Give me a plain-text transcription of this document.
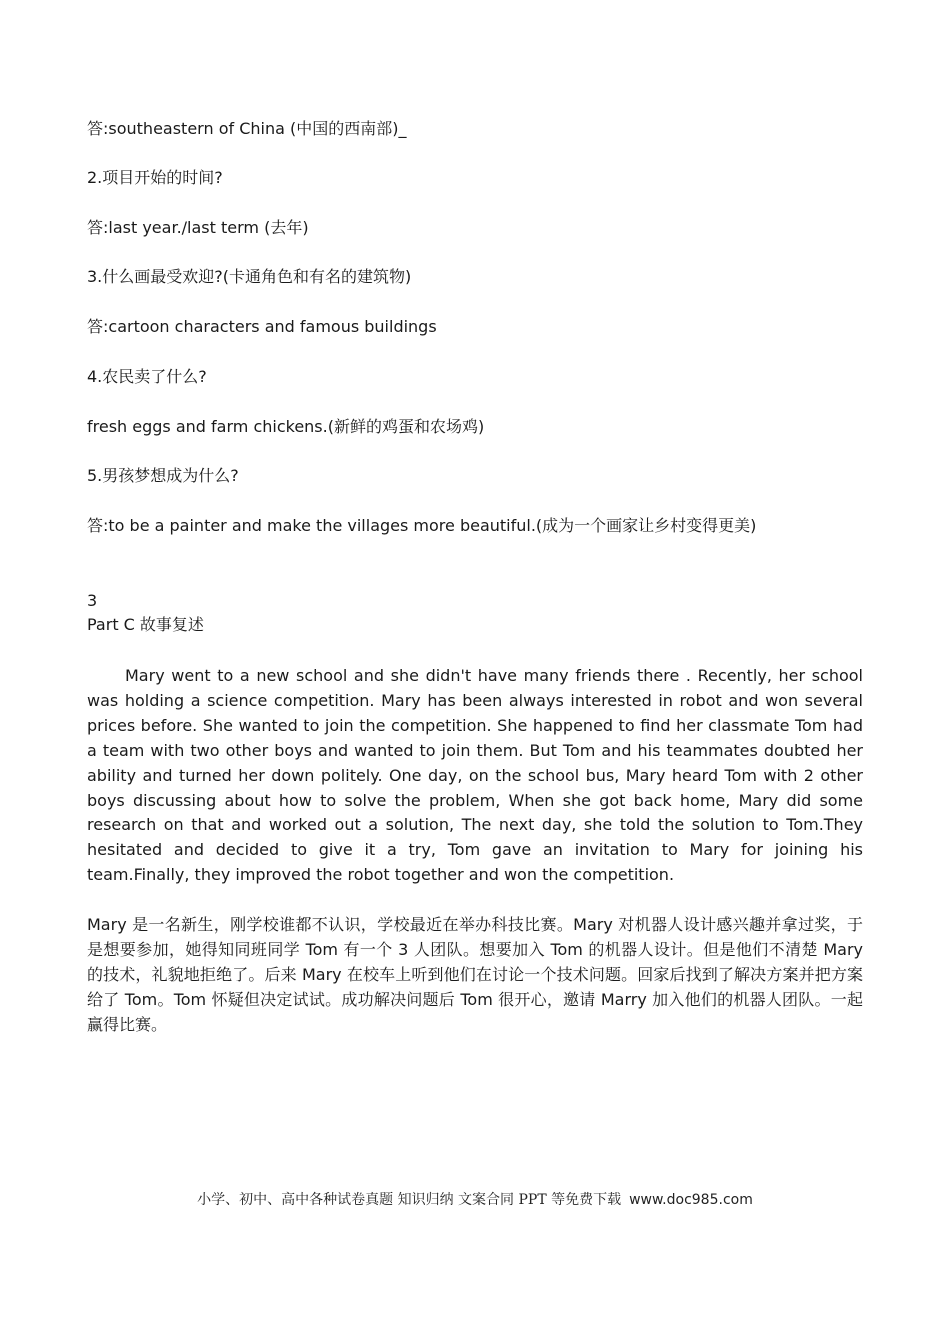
答:southeastern of China (中国的西南部)_
2.项目开始的时间?
答:last year./last term (去年)
3.什么画最受欢迎?(卡通角色和有名的建筑物)
答:cartoon characters and famous buildings
4.农民卖了什么?
fresh eggs and farm chickens.(新鲜的鸡蛋和农场鸡)
5.男孩梦想成为什么?
答:to be a painter and make the villages more beautiful.(成为一个画家让乡村变得更美)
3
Part C 故事复述
Mary went to a new school and she didn't have many friends there . Recently, her school was holding a science competition. Mary has been always interested in robot and won several prices before. She wanted to join the competition. She happened to find her classmate Tom had a team with two other boys and wanted to join them. But Tom and his teammates doubted her ability and turned her down politely. One day, on the school bus, Mary heard Tom with 2 other boys discussing about how to solve the problem, When she got back home, Mary did some research on that and worked out a solution, The next day, she told the solution to Tom.They hesitated and decided to give it a try, Tom gave an invitation to Mary for joining his team.Finally, they improved the robot together and won the competition.
Mary 是一名新生，刚学校谁都不认识，学校最近在举办科技比赛。Mary 对机器人设计感兴趣并拿过奖，于是想要参加，她得知同班同学 Tom 有一个 3 人团队。想要加入 Tom 的机器人设计。但是他们不清楚 Mary 的技术，礼貌地拒绝了。后来 Mary 在校车上听到他们在讨论一个技术问题。回家后找到了解决方案并把方案给了 Tom。Tom 怀疑但决定试试。成功解决问题后 Tom 很开心，邀请 Marry 加入他们的机器人团队。一起赢得比赛。
小学、初中、高中各种试卷真题 知识归纳 文案合同 PPT 等免费下载 www.doc985.com
